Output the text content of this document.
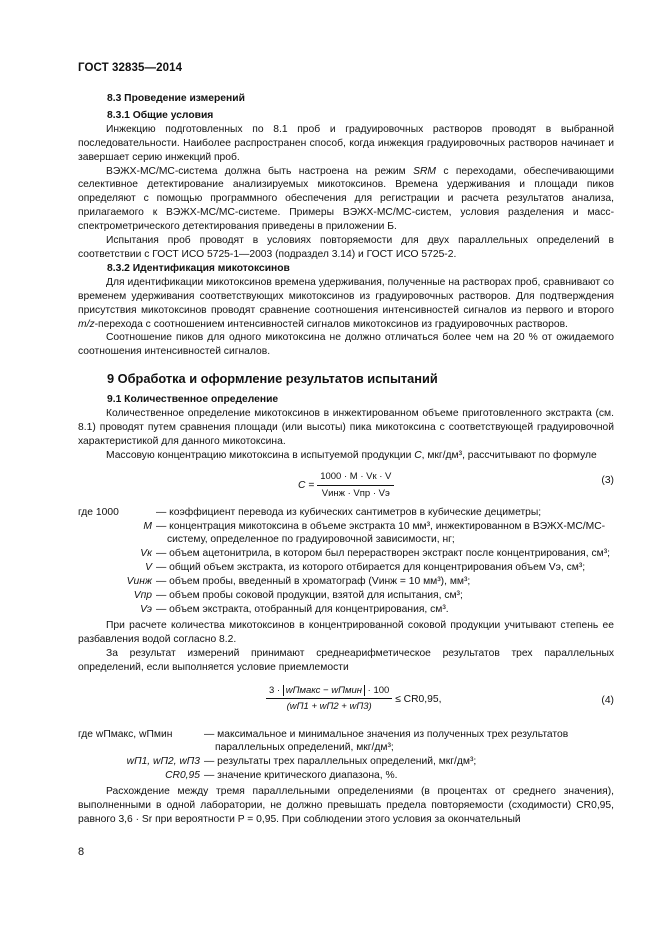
ГОСТ 32835—2014
8.3 Проведение измерений
8.3.1 Общие условия

Инжекцию подготовленных по 8.1 проб и градуировочных растворов проводят в выбранной последовательности. Наиболее распространен способ, когда инжекция градуировочных растворов начинает и завершает серию инжекций проб.

ВЭЖХ-МС/МС-система должна быть настроена на режим SRM с переходами, обеспечивающими селективное детектирование анализируемых микотоксинов. Времена удерживания и площади пиков определяют с помощью программного обеспечения для регистрации и расчета результатов анализа, прилагаемого к ВЭЖХ-МС/МС-системе. Примеры ВЭЖХ-МС/МС-систем, условия разделения и масс-спектрометрического детектирования приведены в приложении Б.

Испытания проб проводят в условиях повторяемости для двух параллельных определений в соответствии с ГОСТ ИСО 5725-1—2003 (подраздел 3.14) и ГОСТ ИСО 5725-2.

8.3.2 Идентификация микотоксинов

Для идентификации микотоксинов времена удерживания, полученные на растворах проб, сравнивают со временем удерживания соответствующих микотоксинов из градуировочных растворов. Для подтверждения присутствия микотоксинов проводят сравнение соотношения интенсивностей сигналов из первого и второго m/z-перехода с соотношением интенсивностей сигналов микотоксинов из градуировочных растворов.

Соотношение пиков для одного микотоксина не должно отличаться более чем на 20 % от ожидаемого соотношения интенсивностей сигналов.

9 Обработка и оформление результатов испытаний
9.1 Количественное определение

Количественное определение микотоксинов в инжектированном объеме приготовленного экстракта (см. 8.1) проводят путем сравнения площади (или высоты) пика микотоксина с соответствующей градуировочной характеристикой для данного микотоксина.

Массовую концентрацию микотоксина в испытуемой продукции C, мкг/дм³, рассчитывают по формуле

$C = \frac{1000 \cdot M \cdot Vк \cdot V}{\text{Vинж · Vпр · Vэ}}$	(3)
где 1000	— коэффициент перевода из кубических сантиметров в кубические дециметры;
M — концентрация микотоксина в объеме экстракта 10 мм³, инжектированном в ВЭЖХ-МС/МС-систему, определенное по градуировочной зависимости, нг;
Vк — объем ацетонитрила, в котором был перерастворен экстракт после концентрирования, см³;
V — общий объем экстракта, из которого отбирается для концентрирования объем Vэ, см³;
Vинж — объем пробы, введенный в хроматограф (Vинж = 10 мм³), мм³;
Vпр — объем пробы соковой продукции, взятой для испытания, см³;
Vэ — объем экстракта, отобранный для концентрирования, см³.

При расчете количества микотоксинов в концентрированной соковой продукции учитывают степень ее разбавления водой согласно 8.2.

За результат измерений принимают среднеарифметическое результатов трех параллельных определений, если выполняется условие приемлемости

$\frac{\text{3 · wПмакс − wПмин · 100}}{(wП1 + wП2 + wП3)} \le CR0,95$,	(4)
где wПмакс, wПмин	— максимальное и минимальное значения из полученных трех результатов параллельных определений, мкг/дм³;
wП1, wП2, wП3 — результаты трех параллельных определений, мкг/дм³;
CR0,95 — значение критического диапазона, %.

Расхождение между тремя параллельными определениями (в процентах от среднего значения), выполненными в одной лаборатории, не должно превышать предела повторяемости (сходимости) CR0,95, равного 3,6 · Sr при вероятности P = 0,95. При соблюдении этого условия за окончательный

8
